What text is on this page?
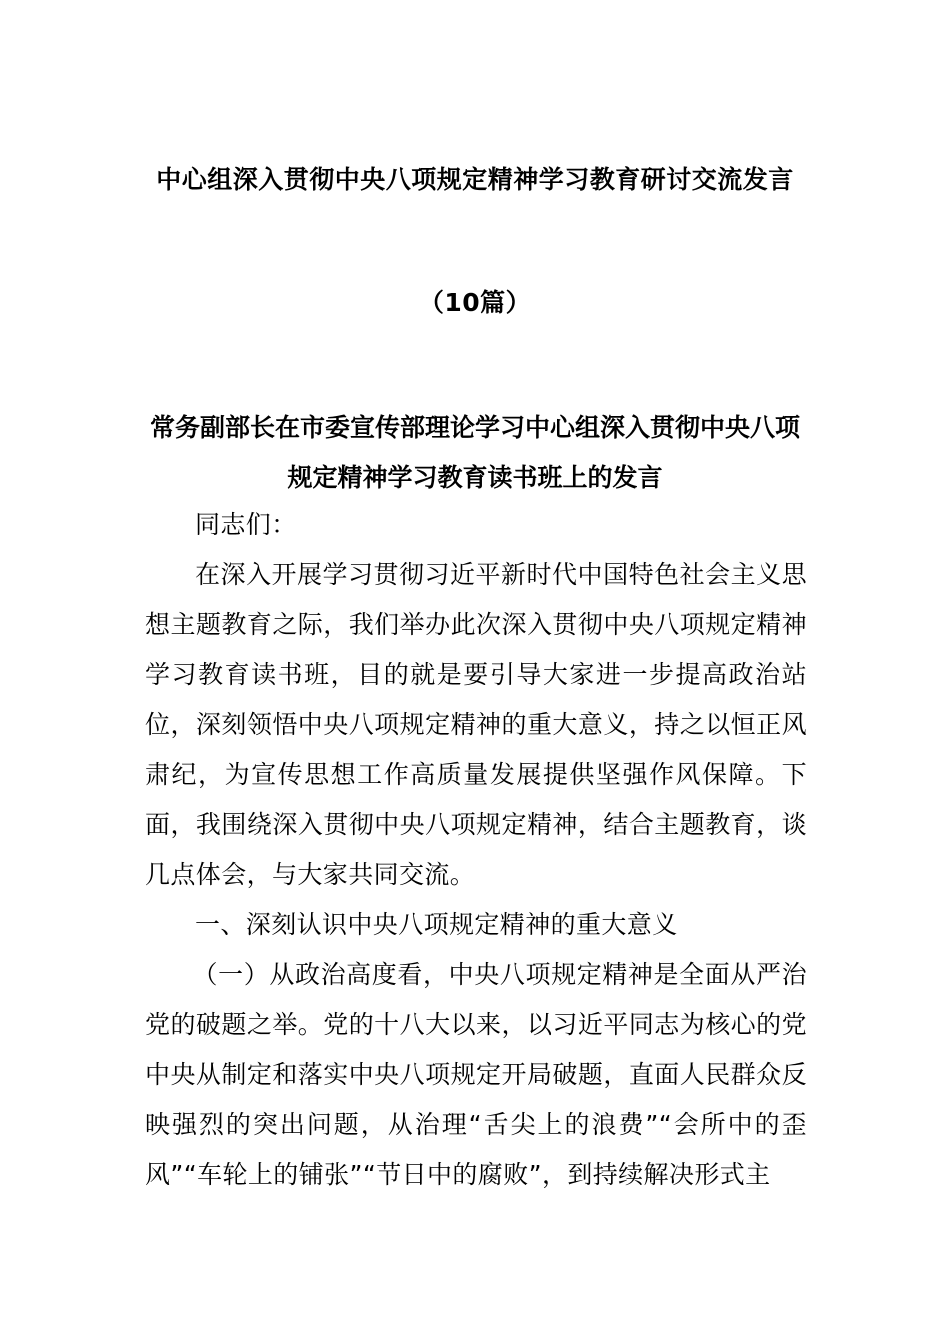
中心组深入贯彻中央八项规定精神学习教育研讨交流发言
（10篇）
常务副部长在市委宣传部理论学习中心组深入贯彻中央八项规定精神学习教育读书班上的发言

同志们：

在深入开展学习贯彻习近平新时代中国特色社会主义思想主题教育之际，我们举办此次深入贯彻中央八项规定精神学习教育读书班，目的就是要引导大家进一步提高政治站位，深刻领悟中央八项规定精神的重大意义，持之以恒正风肃纪，为宣传思想工作高质量发展提供坚强作风保障。下面，我围绕深入贯彻中央八项规定精神，结合主题教育，谈几点体会，与大家共同交流。

一、深刻认识中央八项规定精神的重大意义

（一）从政治高度看，中央八项规定精神是全面从严治党的破题之举。党的十八大以来，以习近平同志为核心的党中央从制定和落实中央八项规定开局破题，直面人民群众反映强烈的突出问题，从治理“舌尖上的浪费”“会所中的歪风”“车轮上的铺张”“节日中的腐败”，到持续解决形式主
